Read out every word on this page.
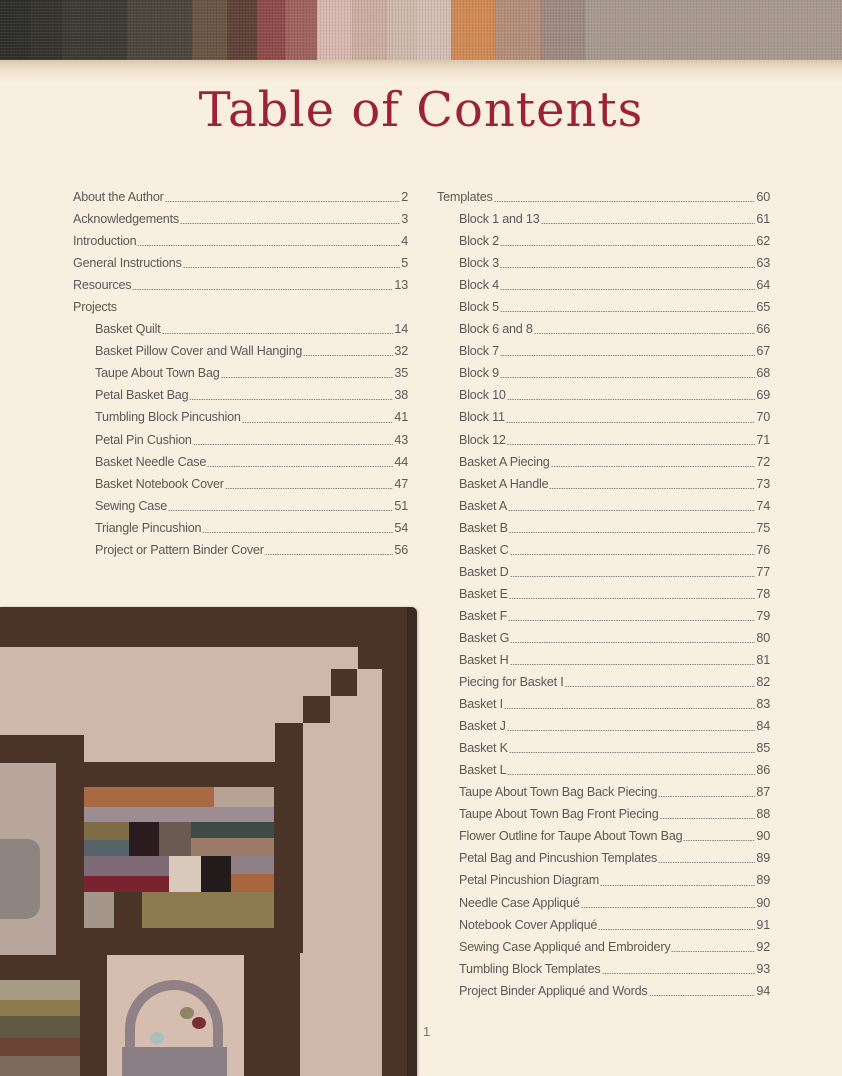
Table of Contents
About the Author	2
Acknowledgements	3
Introduction	4
General Instructions	5
Resources	13
Projects
Basket Quilt	14
Basket Pillow Cover and Wall Hanging	32
Taupe About Town Bag	35
Petal Basket Bag	38
Tumbling Block Pincushion	41
Petal Pin Cushion	43
Basket Needle Case	44
Basket Notebook Cover	47
Sewing Case	51
Triangle Pincushion	54
Project or Pattern Binder Cover	56
Templates	60
Block 1 and 13	61
Block 2	62
Block 3	63
Block 4	64
Block 5	65
Block 6 and 8	66
Block 7	67
Block 9	68
Block 10	69
Block 11	70
Block 12	71
Basket A Piecing	72
Basket A Handle	73
Basket A	74
Basket B	75
Basket C	76
Basket D	77
Basket E	78
Basket F	79
Basket G	80
Basket H	81
Piecing for Basket I	82
Basket I	83
Basket J	84
Basket K	85
Basket L	86
Taupe About Town Bag Back Piecing	87
Taupe About Town Bag Front Piecing	88
Flower Outline for Taupe About Town Bag	90
Petal Bag and Pincushion Templates	89
Petal Pincushion Diagram	89
Needle Case Appliqué	90
Notebook Cover Appliqué	91
Sewing Case Appliqué and Embroidery	92
Tumbling Block Templates	93
Project Binder Appliqué and Words	94
1
